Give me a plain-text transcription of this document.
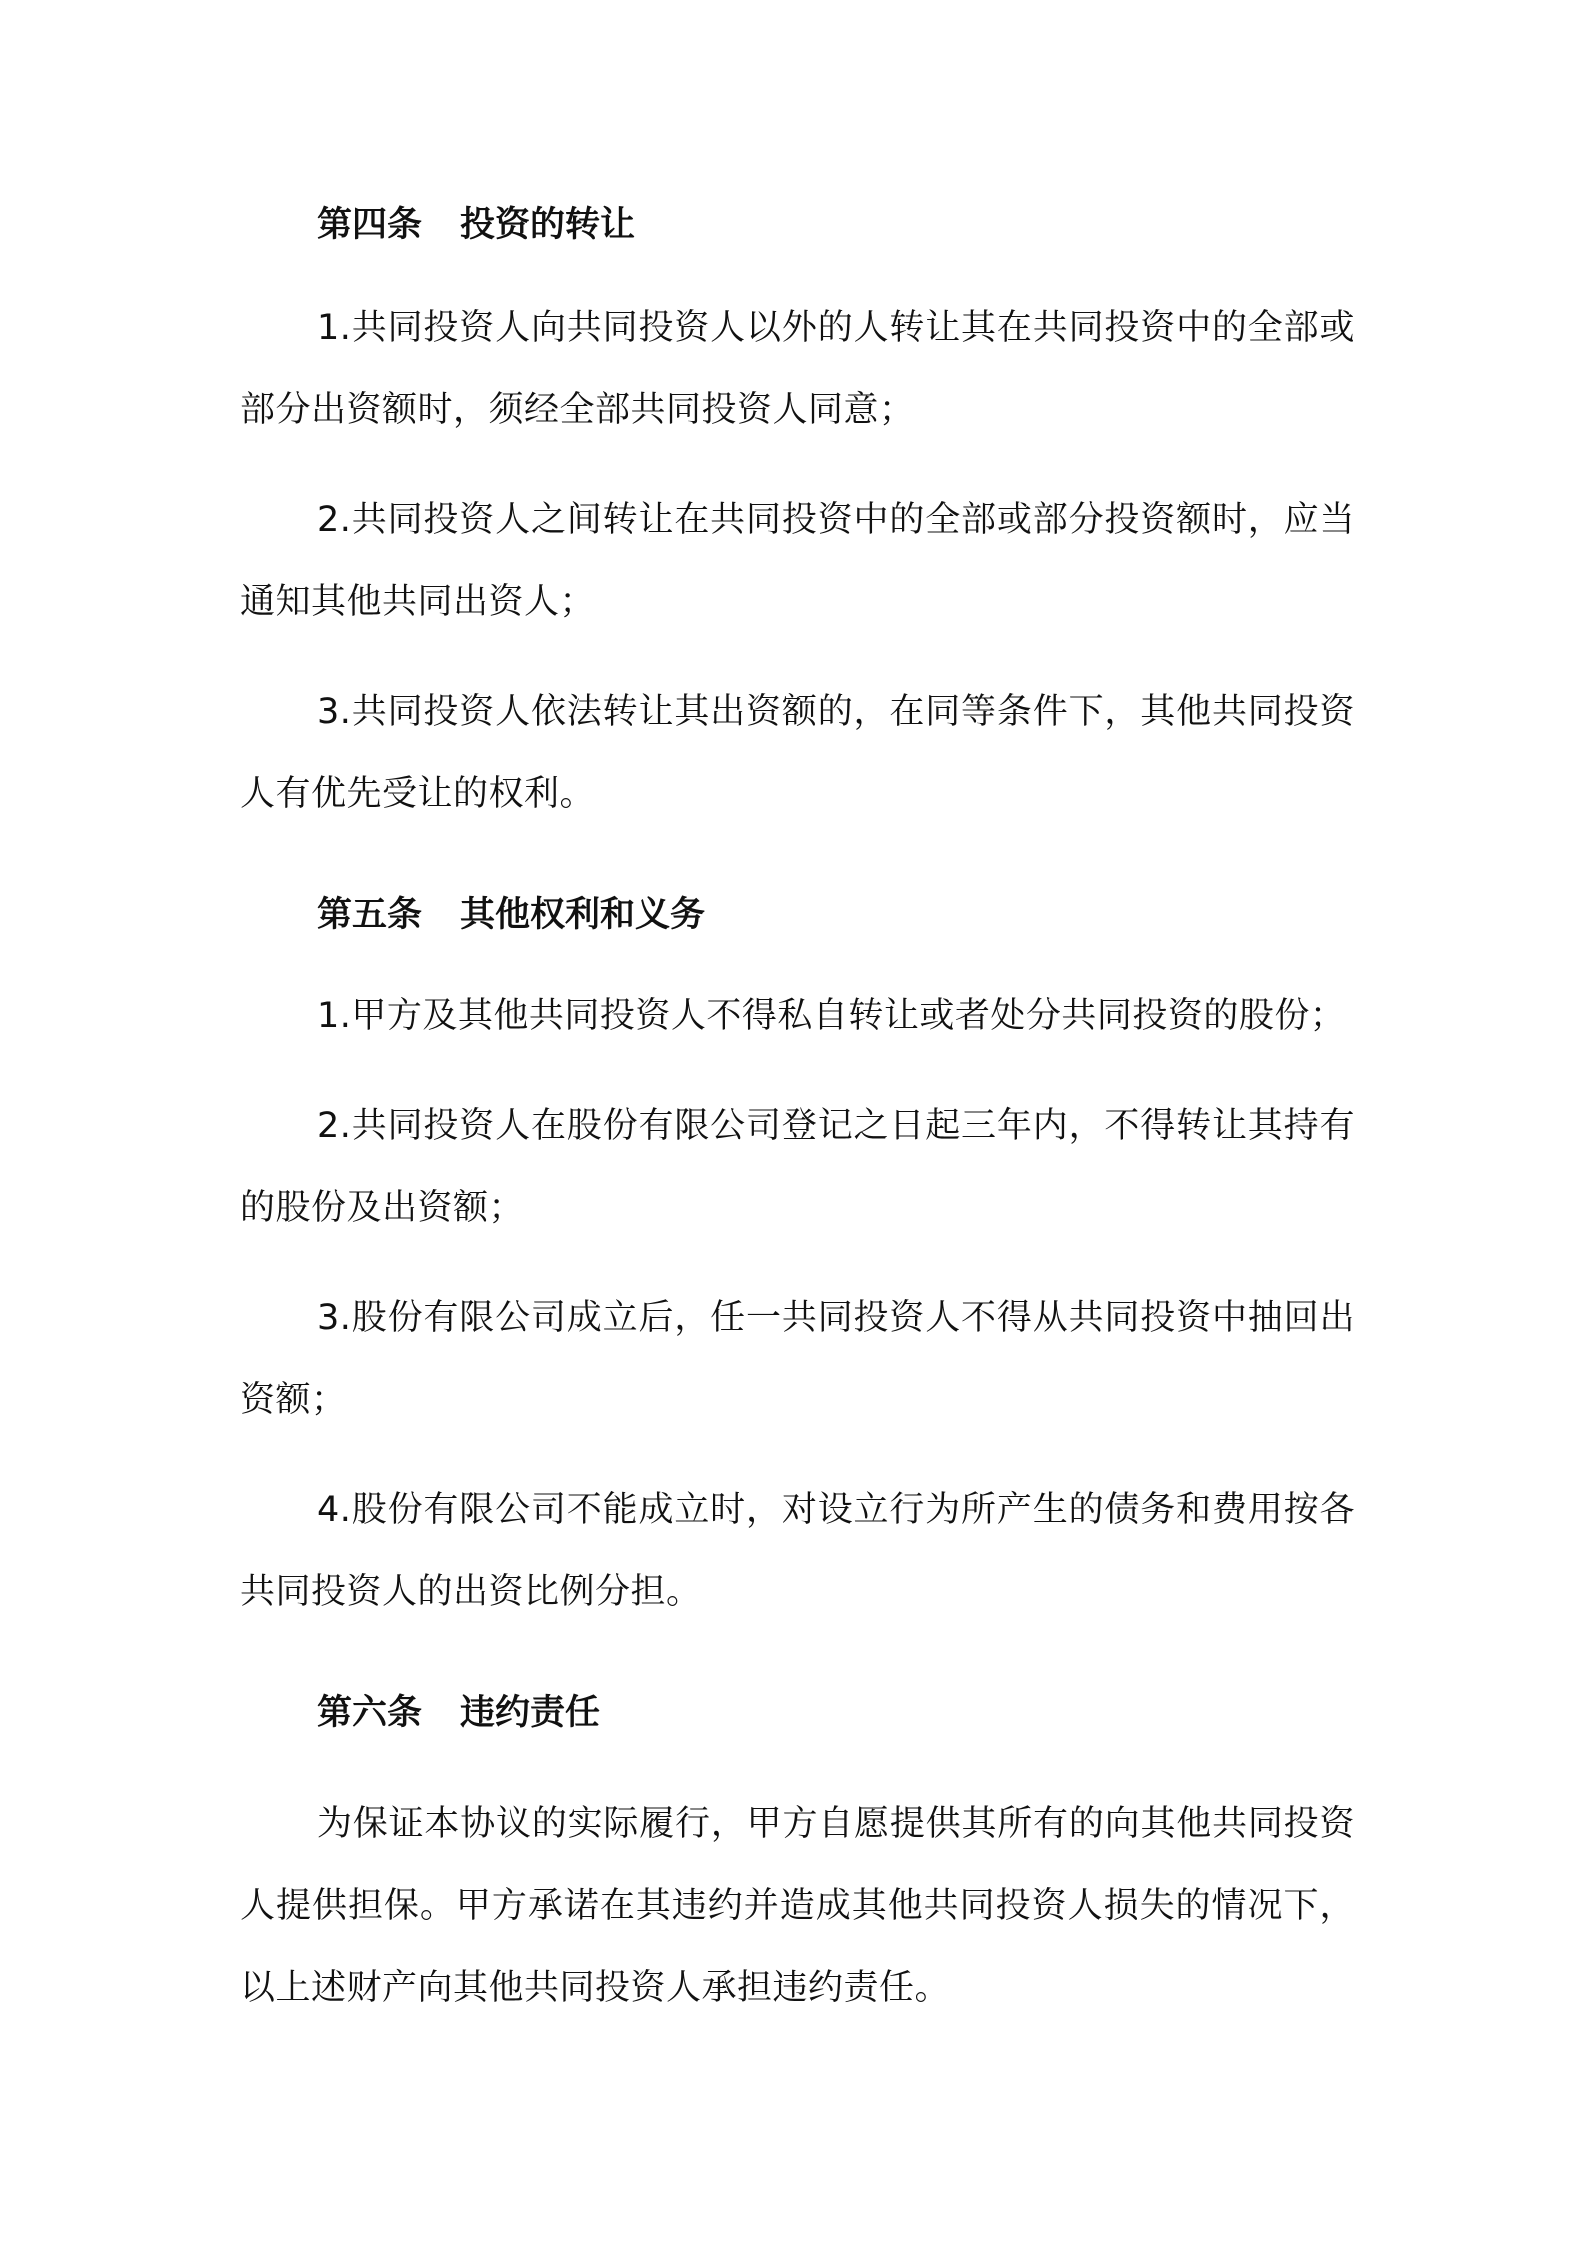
第四条 投资的转让

1.共同投资人向共同投资人以外的人转让其在共同投资中的全部或部分出资额时，须经全部共同投资人同意；

2.共同投资人之间转让在共同投资中的全部或部分投资额时，应当通知其他共同出资人；

3.共同投资人依法转让其出资额的，在同等条件下，其他共同投资人有优先受让的权利。

第五条 其他权利和义务

1.甲方及其他共同投资人不得私自转让或者处分共同投资的股份；

2.共同投资人在股份有限公司登记之日起三年内，不得转让其持有的股份及出资额；

3.股份有限公司成立后，任一共同投资人不得从共同投资中抽回出资额；

4.股份有限公司不能成立时，对设立行为所产生的债务和费用按各共同投资人的出资比例分担。

第六条 违约责任

为保证本协议的实际履行，甲方自愿提供其所有的向其他共同投资人提供担保。甲方承诺在其违约并造成其他共同投资人损失的情况下，以上述财产向其他共同投资人承担违约责任。
